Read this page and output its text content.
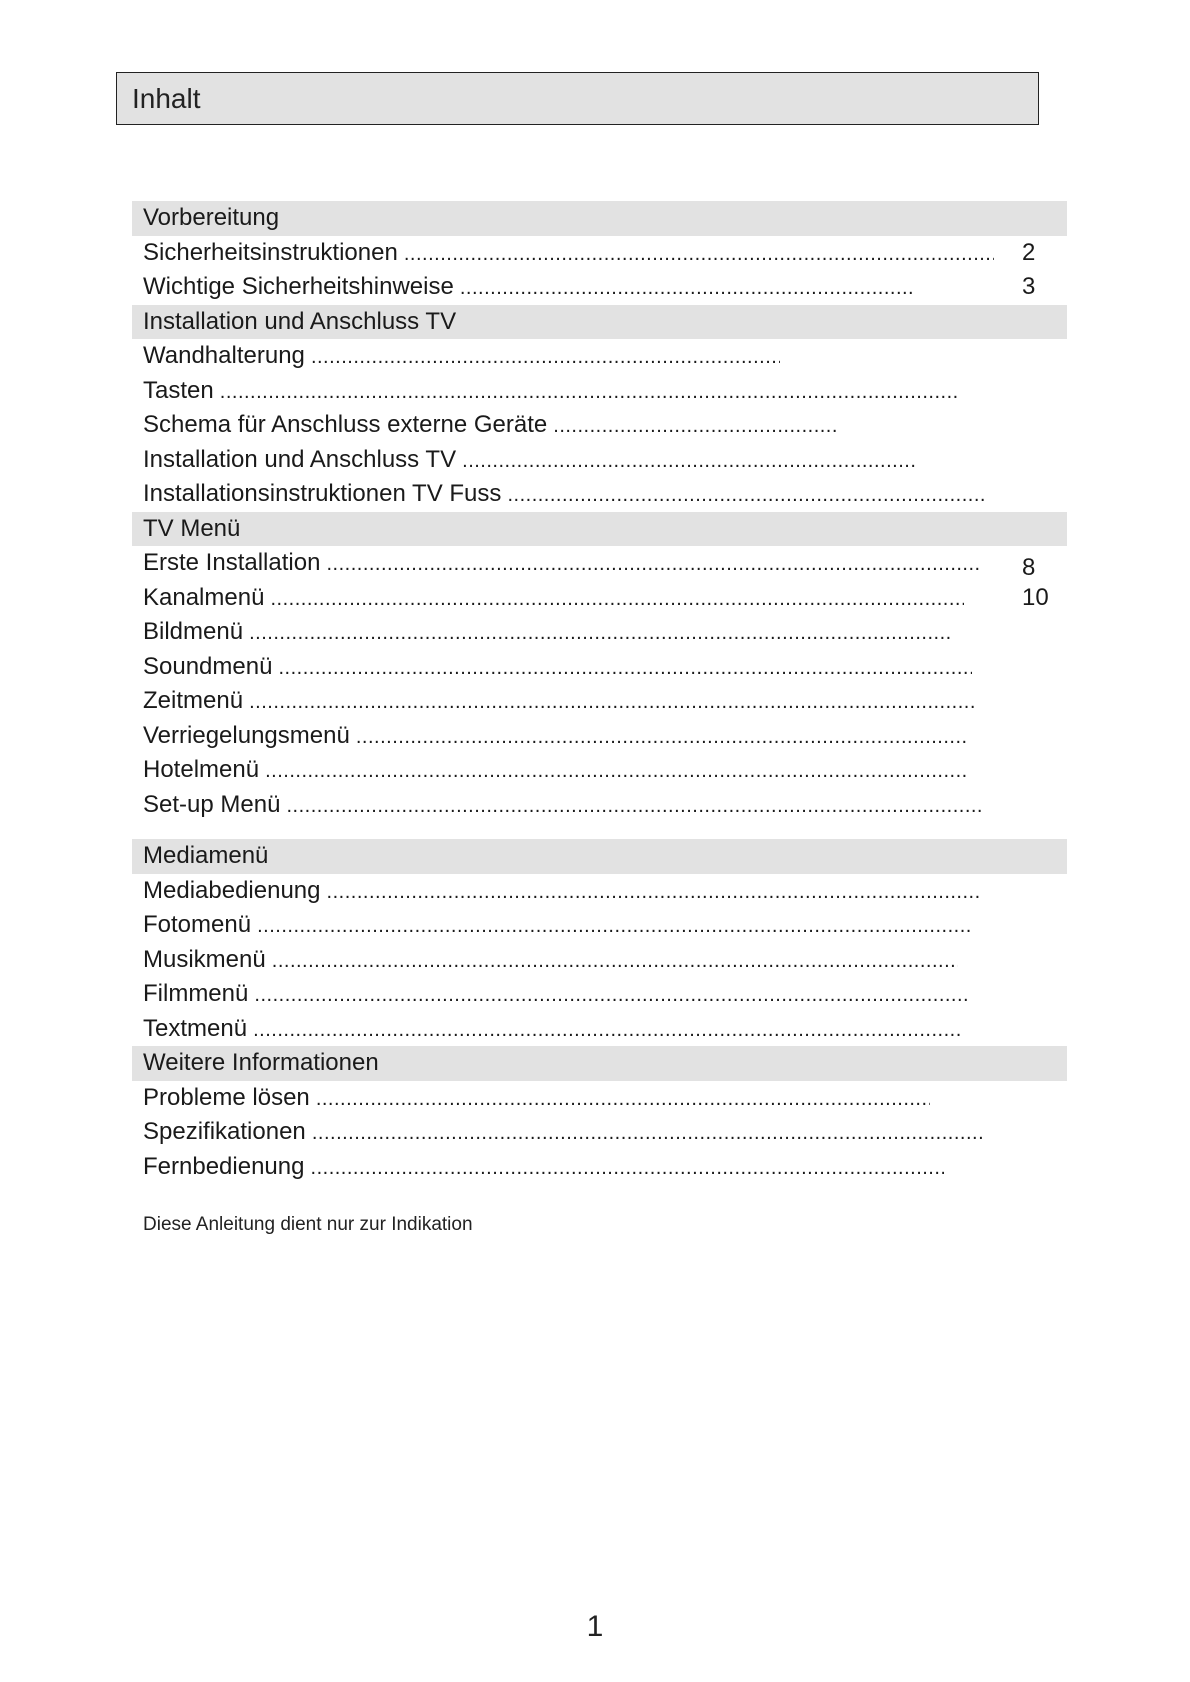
Inhalt
Vorbereitung
Sicherheitsinstruktionen .....	2
Wichtige Sicherheitshinweise .....	3
Installation und Anschluss TV
Wandhalterung .....
Tasten .....
Schema für Anschluss externe Geräte .....
Installation und Anschluss TV .....
Installationsinstruktionen TV Fuss .....
TV Menü
Erste Installation .....	8
Kanalmenü .....	10
Bildmenü .....
Soundmenü .....
Zeitmenü .....
Verriegelungsmenü .....
Hotelmenü .....
Set-up Menü .....
Mediamenü
Mediabedienung .....
Fotomenü .....
Musikmenü .....
Filmmenü .....
Textmenü .....
Weitere Informationen
Probleme lösen .....
Spezifikationen .....
Fernbedienung .....
Diese Anleitung dient nur zur Indikation
1
